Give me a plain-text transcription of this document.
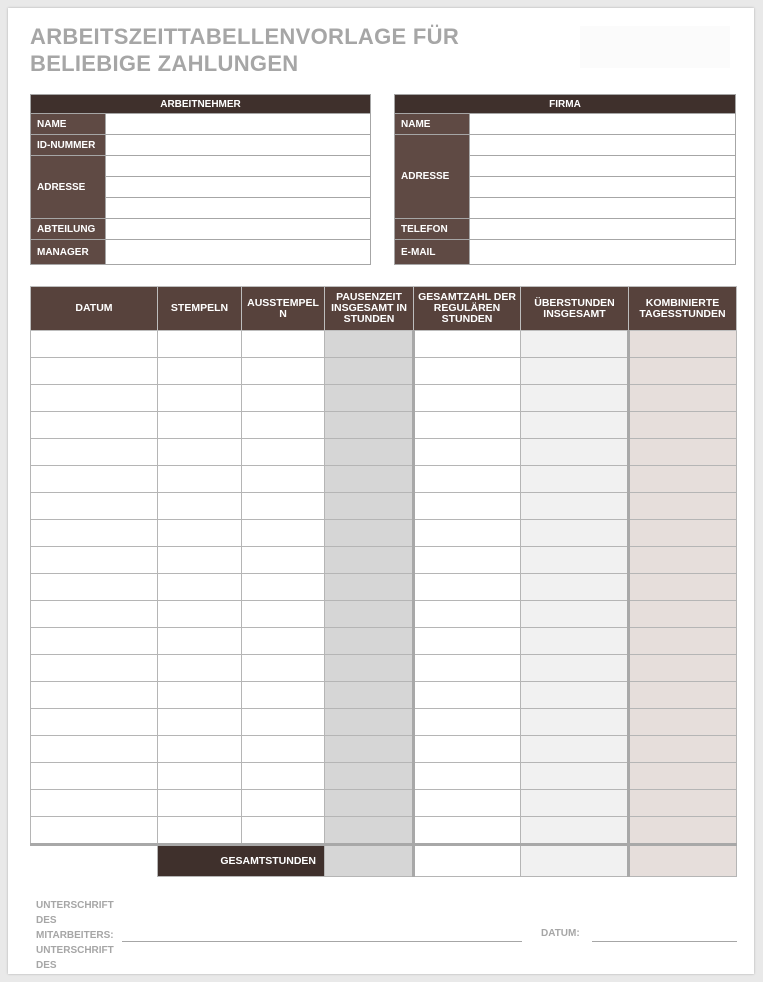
ARBEITSZEITTABELLENVORLAGE FÜR BELIEBIGE ZAHLUNGEN
ARBEITNEHMER	
NAME	
ID-NUMMER	
ADRESSE	

ABTEILUNG	
MANAGER	
FIRMA	
NAME	
ADRESSE	

TELEFON	
E-MAIL	
DATUM	STEMPELN	AUSSTEMPEL N	PAUSENZEIT INSGESAMT IN STUNDEN	GESAMTZAHL DER REGULÄREN STUNDEN	ÜBERSTUNDEN INSGESAMT	KOMBINIERTE TAGESSTUNDEN

	GESAMTSTUNDEN					
UNTERSCHRIFT DES MITARBEITERS: UNTERSCHRIFT DES
DATUM:
